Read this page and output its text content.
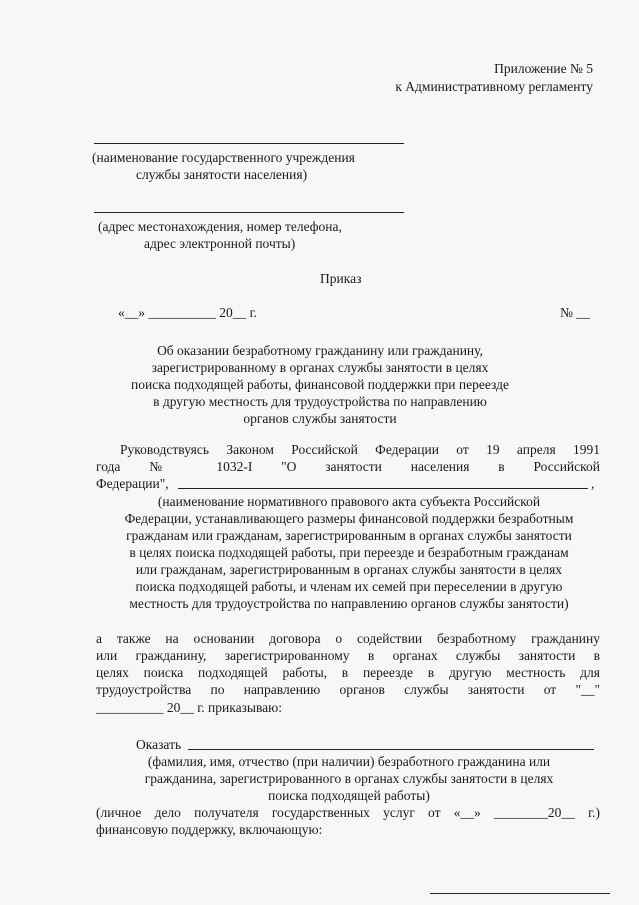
Приложение № 5
к Административному регламенту
(наименование государственного учреждения
службы занятости населения)
(адрес местонахождения, номер телефона,
адрес электронной почты)
Приказ
«__» __________ 20__ г.	№ __
Об оказании безработному гражданину или гражданину,
зарегистрированному в органах службы занятости в целях
поиска подходящей работы, финансовой поддержки при переезде
в другую местность для трудоустройства по направлению
органов службы занятости
Руководствуясь Законом Российской Федерации от 19 апреля 1991
года № 1032-I "О занятости населения в Российской
Федерации",	,
(наименование нормативного правового акта субъекта Российской
Федерации, устанавливающего размеры финансовой поддержки безработным
гражданам или гражданам, зарегистрированным в органах службы занятости
в целях поиска подходящей работы, при переезде и безработным гражданам
или гражданам, зарегистрированным в органах службы занятости в целях
поиска подходящей работы, и членам их семей при переселении в другую
местность для трудоустройства по направлению органов службы занятости)
а также на основании договора о содействии безработному гражданину
или гражданину, зарегистрированному в органах службы занятости в
целях поиска подходящей работы, в переезде в другую местность для
трудоустройства по направлению органов службы занятости от "__"
__________ 20__ г. приказываю:
Оказать
(фамилия, имя, отчество (при наличии) безработного гражданина или
гражданина, зарегистрированного в органах службы занятости в целях
поиска подходящей работы)
(личное дело получателя государственных услуг от «__» ________20__ г.)
финансовую поддержку, включающую:
